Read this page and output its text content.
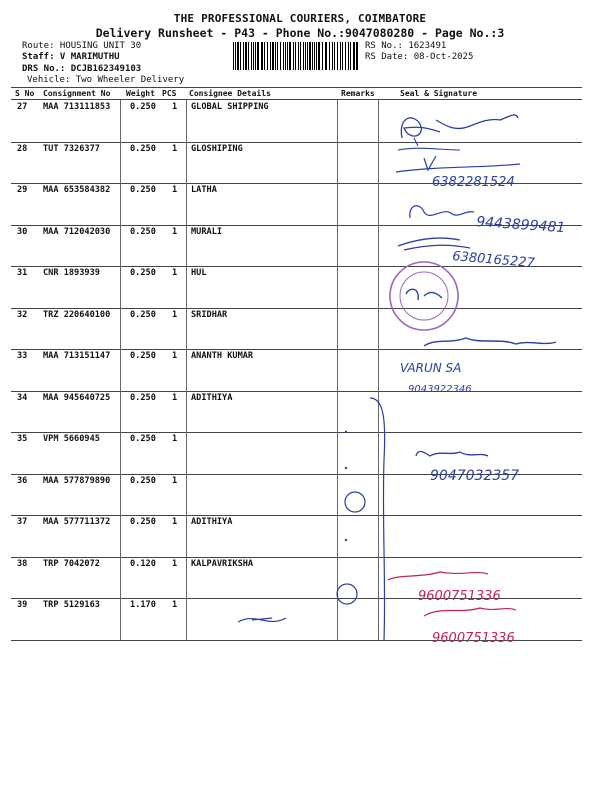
THE PROFESSIONAL COURIERS, COIMBATORE
Delivery Runsheet - P43 - Phone No.:9047080280 - Page No.:3
Route: HOUSING UNIT 30
Staff: V MARIMUTHU
DRS No.: DCJB162349103
Vehicle: Two Wheeler Delivery
RS No.: 1623491
RS Date: 08-Oct-2025
S No Consignment No Weight PCS Consignee Details	Remarks	Seal & Signature
27 MAA 713111853 0.250 1 GLOBAL SHIPPING
28 TUT 7326377	0.250 1 GLOSHIPING
29 MAA 653584382 0.250 1 LATHA
30 MAA 712042030 0.250 1 MURALI
31 CNR 1893939	0.250 1 HUL
32 TRZ 220640100 0.250 1 SRIDHAR
33 MAA 713151147 0.250 1 ANANTH KUMAR
34 MAA 945640725 0.250 1 ADITHIYA
35 VPM 5660945	0.250 1
36 MAA 577879890 0.250 1
37 MAA 577711372 0.250 1 ADITHIYA
38 TRP 7042072	0.120 1 KALPAVRIKSHA
39 TRP 5129163	1.170 1
6382281524
9443899481
6380165227
VARUN SA
9043922346
9047032357
9600751336
9600751336
